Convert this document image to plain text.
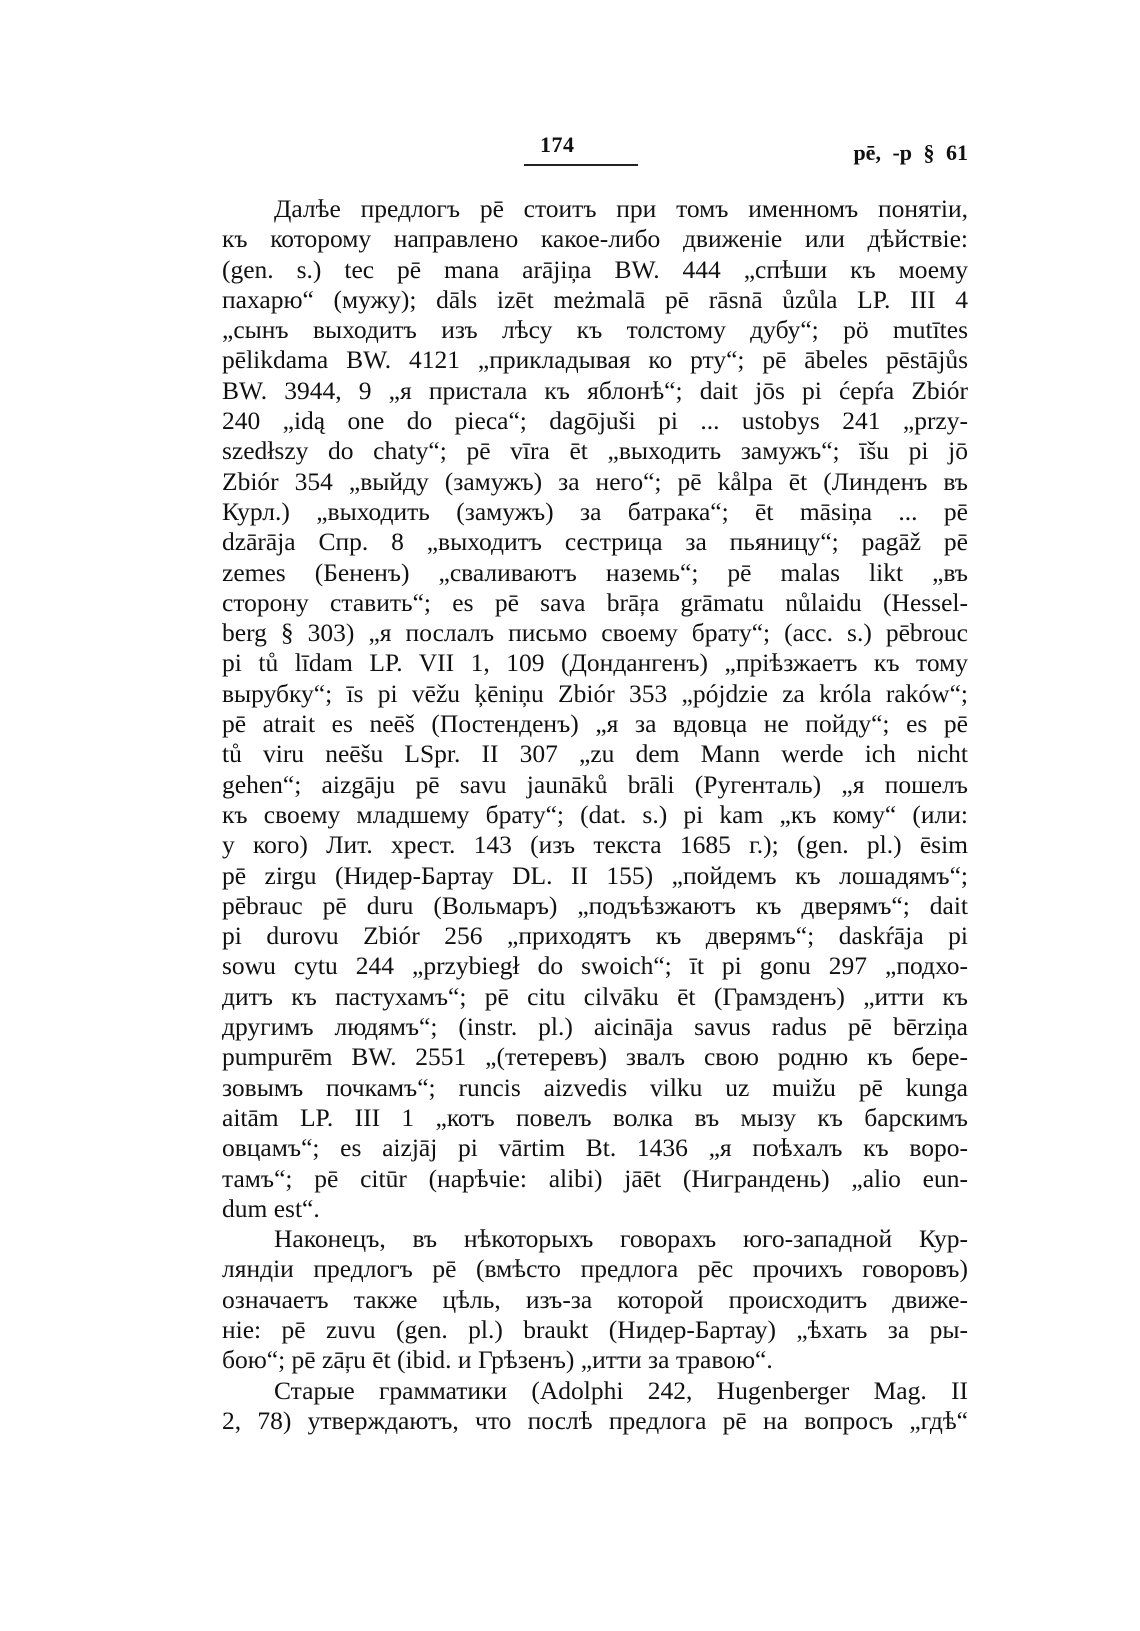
174	pē, -p § 61
Далѣе предлогъ pē стоитъ при томъ именномъ понятіи,
къ которому направлено какое-либо движеніе или дѣйствіе:
(gen. s.) tec pē mana arājiņa BW. 444 „спѣши къ моему
пахарю“ (мужу); dāls izēt meżmalā pē rāsnā ůzůla LP. III 4
„сынъ выходитъ изъ лѣсу къ толстому дубу“; pö mutītes
pēlikdama BW. 4121 „прикладывая ко рту“; pē ābeles pēstājůs
BW. 3944, 9 „я пристала къ яблонѣ“; dait jōs pi ćepŕa Zbiór
240 „idą one do pieca“; dagōjuši pi ... ustobys 241 „przy-
szedłszy do chaty“; pē vīra ēt „выходить замужъ“; īšu pi jō
Zbiór 354 „выйду (замужъ) за него“; pē kålpa ēt (Линденъ въ
Курл.) „выходить (замужъ) за батрака“; ēt māsiņa ... pē
dzārāja Спр. 8 „выходитъ сестрица за пьяницу“; pagāž pē
zemes (Бененъ) „сваливаютъ наземь“; pē malas likt „въ
сторону ставить“; es pē sava brāŗa grāmatu nůlaidu (Hessel-
berg § 303) „я послалъ письмо своему брату“; (acc. s.) pēbrouc
pi tů līdam LP. VII 1, 109 (Дондангенъ) „пріѣзжаетъ къ тому
вырубку“; īs pi vēžu ķēniņu Zbiór 353 „pójdzie za króla raków“;
pē atrait es neēš (Постенденъ) „я за вдовца не пойду“; es pē
tů viru neēšu LSpr. II 307 „zu dem Mann werde ich nicht
gehen“; aizgāju pē savu jaunāků brāli (Ругенталь) „я пошелъ
къ своему младшему брату“; (dat. s.) pi kam „къ кому“ (или:
у кого) Лит. хрест. 143 (изъ текста 1685 г.); (gen. pl.) ēsim
pē zirgu (Нидер-Бартау DL. II 155) „пойдемъ къ лошадямъ“;
pēbrauc pē duru (Вольмаръ) „подъѣзжаютъ къ дверямъ“; dait
pi durovu Zbiór 256 „приходятъ къ дверямъ“; daskŕāja pi
sowu cytu 244 „przybiegł do swoich“; īt pi gonu 297 „подхо-
дитъ къ пастухамъ“; pē citu cilvāku ēt (Грамзденъ) „итти къ
другимъ людямъ“; (instr. pl.) aicināja savus radus pē bērziņa
pumpurēm BW. 2551 „(тетеревъ) звалъ свою родню къ бере-
зовымъ почкамъ“; runcis aizvedis vilku uz muižu pē kunga
aitām LP. III 1 „котъ повелъ волка въ мызу къ барскимъ
овцамъ“; es aizjāj pi vārtim Bt. 1436 „я поѣхалъ къ воро-
тамъ“; pē citūr (нарѣчіе: alibi) jāēt (Ниграндень) „alio eun-
dum est“.
Наконецъ, въ нѣкоторыхъ говорахъ юго-западной Кур-
ляндіи предлогъ pē (вмѣсто предлога pēc прочихъ говоровъ)
означаетъ также цѣль, изъ-за которой происходитъ движе-
ніе: pē zuvu (gen. pl.) braukt (Нидер-Бартау) „ѣхать за ры-
бою“; pē zāŗu ēt (ibid. и Грѣзенъ) „итти за травою“.
Старые грамматики (Adolphi 242, Hugenberger Mag. II
2, 78) утверждаютъ, что послѣ предлога pē на вопросъ „гдѣ“
